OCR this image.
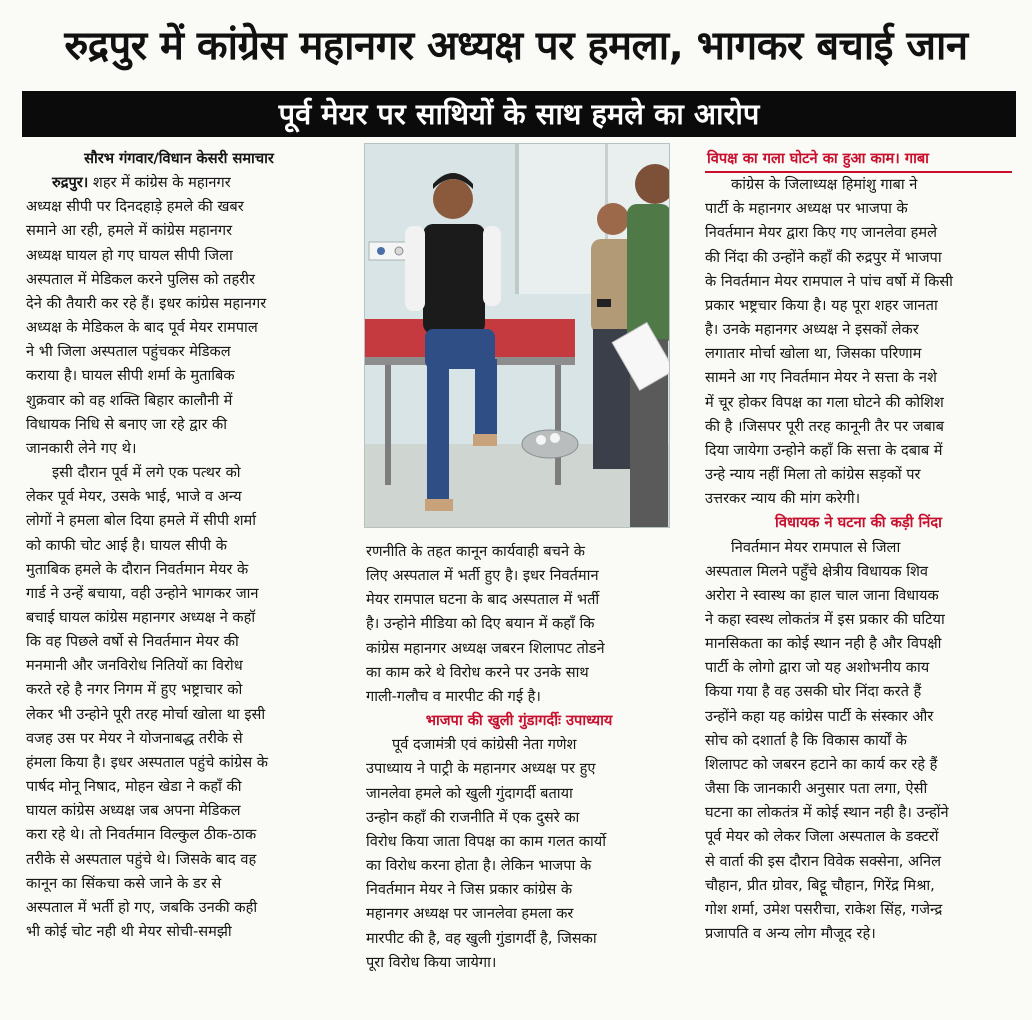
रुद्रपुर में कांग्रेस महानगर अध्यक्ष पर हमला, भागकर बचाई जान
पूर्व मेयर पर साथियों के साथ हमले का आरोप
सौरभ गंगवार/विधान केसरी समाचार
रुद्रपुर। शहर में कांग्रेस के महानगर
अध्यक्ष सीपी पर दिनदहाड़े हमले की खबर
समाने आ रही, हमले में कांग्रेस महानगर
अध्यक्ष घायल हो गए घायल सीपी जिला
अस्पताल में मेडिकल करने पुलिस को तहरीर
देने की तैयारी कर रहे हैं। इधर कांग्रेस महानगर
अध्यक्ष के मेडिकल के बाद पूर्व मेयर रामपाल
ने भी जिला अस्पताल पहुंचकर मेडिकल
कराया है। घायल सीपी शर्मा के मुताबिक
शुक्रवार को वह शक्ति बिहार कालौनी में
विधायक निधि से बनाए जा रहे द्वार की
जानकारी लेने गए थे।
इसी दौरान पूर्व में लगे एक पत्थर को
लेकर पूर्व मेयर, उसके भाई, भाजे व अन्य
लोगों ने हमला बोल दिया हमले में सीपी शर्मा
को काफी चोट आई है। घायल सीपी के
मुताबिक हमले के दौरान निवर्तमान मेयर के
गार्ड ने उन्हें बचाया, वही उन्होने भागकर जान
बचाई घायल कांग्रेस महानगर अध्यक्ष ने कहॉ
कि वह पिछले वर्षो से निवर्तमान मेयर की
मनमानी और जनविरोध नितियों का विरोध
करते रहे है नगर निगम में हुए भष्ट्राचार को
लेकर भी उन्होने पूरी तरह मोर्चा खोला था इसी
वजह उस पर मेयर ने योजनाबद्ध तरीके से
हंमला किया है। इधर अस्पताल पहुंचे कांग्रेस के
पार्षद मोनू निषाद, मोहन खेडा ने कहॉं की
घायल कांग्रेस अध्यक्ष जब अपना मेडिकल
करा रहे थे। तो निवर्तमान विल्कुल ठीक-ठाक
तरीके से अस्पताल पहुंचे थे। जिसके बाद वह
कानून का सिंकचा कसे जाने के डर से
अस्पताल में भर्ती हो गए, जबकि उनकी कही
भी कोई चोट नही थी मेयर सोची-समझी
रणनीति के तहत कानून कार्यवाही बचने के
लिए अस्पताल में भर्ती हुए है। इधर निवर्तमान
मेयर रामपाल घटना के बाद अस्पताल में भर्ती
है। उन्होने मीडिया को दिए बयान में कहाँ कि
कांग्रेस महानगर अध्यक्ष जबरन शिलापट तोडने
का काम करे थे विरोध करने पर उनके साथ
गाली-गलौच व मारपीट की गई है।
भाजपा की खुली गुंडागर्दीः उपाध्याय
पूर्व दजामंत्री एवं कांग्रेसी नेता गणेश
उपाध्याय ने पाट्री के महानगर अध्यक्ष पर हुए
जानलेवा हमले को खुली गुंदागर्दी बताया
उन्होन कहाँ की राजनीति में एक दुसरे का
विरोध किया जाता विपक्ष का काम गलत कार्यो
का विरोध करना होता है। लेकिन भाजपा के
निवर्तमान मेयर ने जिस प्रकार कांग्रेस के
महानगर अध्यक्ष पर जानलेवा हमला कर
मारपीट की है, वह खुली गुंडागर्दी है, जिसका
पूरा विरोध किया जायेगा।
विपक्ष का गला घोटने का हुआ काम। गाबा
कांग्रेस के जिलाध्यक्ष हिमांशु गाबा ने
पार्टी के महानगर अध्यक्ष पर भाजपा के
निवर्तमान मेयर द्वारा किए गए जानलेवा हमले
की निंदा की उन्होंने कहाँ की रुद्रपुर में भाजपा
के निवर्तमान मेयर रामपाल ने पांच वर्षो में किसी
प्रकार भष्ट्रचार किया है। यह पूरा शहर जानता
है। उनके महानगर अध्यक्ष ने इसकों लेकर
लगातार मोर्चा खोला था, जिसका परिणाम
सामने आ गए निवर्तमान मेयर ने सत्ता के नशे
में चूर होकर विपक्ष का गला घोटने की कोशिश
की है ।जिसपर पूरी तरह कानूनी तैर पर जबाब
दिया जायेगा उन्होने कहाँ कि सत्ता के दबाब में
उन्हे न्याय नहीं मिला तो कांग्रेस सड़कों पर
उत्तरकर न्याय की मांग करेगी।
विधायक ने घटना की कड़ी निंदा
निवर्तमान मेयर रामपाल से जिला
अस्पताल मिलने पहुँचे क्षेत्रीय विधायक शिव
अरोरा ने स्वास्थ का हाल चाल जाना विधायक
ने कहा स्वस्थ लोकतंत्र में इस प्रकार की घटिया
मानसिकता का कोई स्थान नही है और विपक्षी
पार्टी के लोगो द्वारा जो यह अशोभनीय काय
किया गया है वह उसकी घोर निंदा करते हैं
उन्होंने कहा यह कांग्रेस पार्टी के संस्कार और
सोच को दशार्ता है कि विकास कार्यों के
शिलापट को जबरन हटाने का कार्य कर रहे हैं
जैसा कि जानकारी अनुसार पता लगा, ऐसी
घटना का लोकतंत्र में कोई स्थान नही है। उन्होंने
पूर्व मेयर को लेकर जिला अस्पताल के डक्टरों
से वार्ता की इस दौरान विवेक सक्सेना, अनिल
चौहान, प्रीत ग्रोवर, बिट्टू चौहान, गिरेंद्र मिश्रा,
गोश शर्मा, उमेश पसरीचा, राकेश सिंह, गजेन्द्र
प्रजापति व अन्य लोग मौजूद रहे।
